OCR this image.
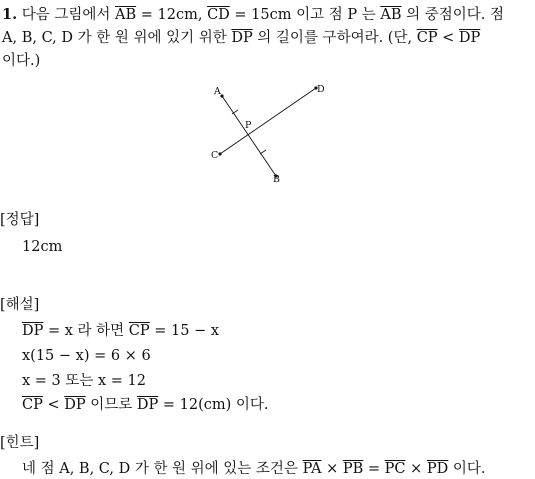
1. 다음 그림에서 $\overline{AB} = 12cm$, $\overline{CD} = 15cm$ 이고 점 P 는 $\overline{AB}$ 의 중점이다. 점
A, B, C, D 가 한 원 위에 있기 위한 $\overline{DP}$ 의 길이를 구하여라. (단, $\overline{CP} < \overline{DP}$
이다.)
A
B
C
D
P
[정답]
12cm
[해설]
$\overline{DP} = x$ 라 하면 $\overline{CP} = 15 - x$
x(15 − x) = 6 × 6
x = 3 또는 x = 12
$\overline{CP} < \overline{DP}$ 이므로 $\overline{DP} = 12(cm)$ 이다.
[힌트]
네 점 A, B, C, D 가 한 원 위에 있는 조건은 $\overline{PA} \times \overline{PB} = \overline{PC} \times \overline{PD}$ 이다.
